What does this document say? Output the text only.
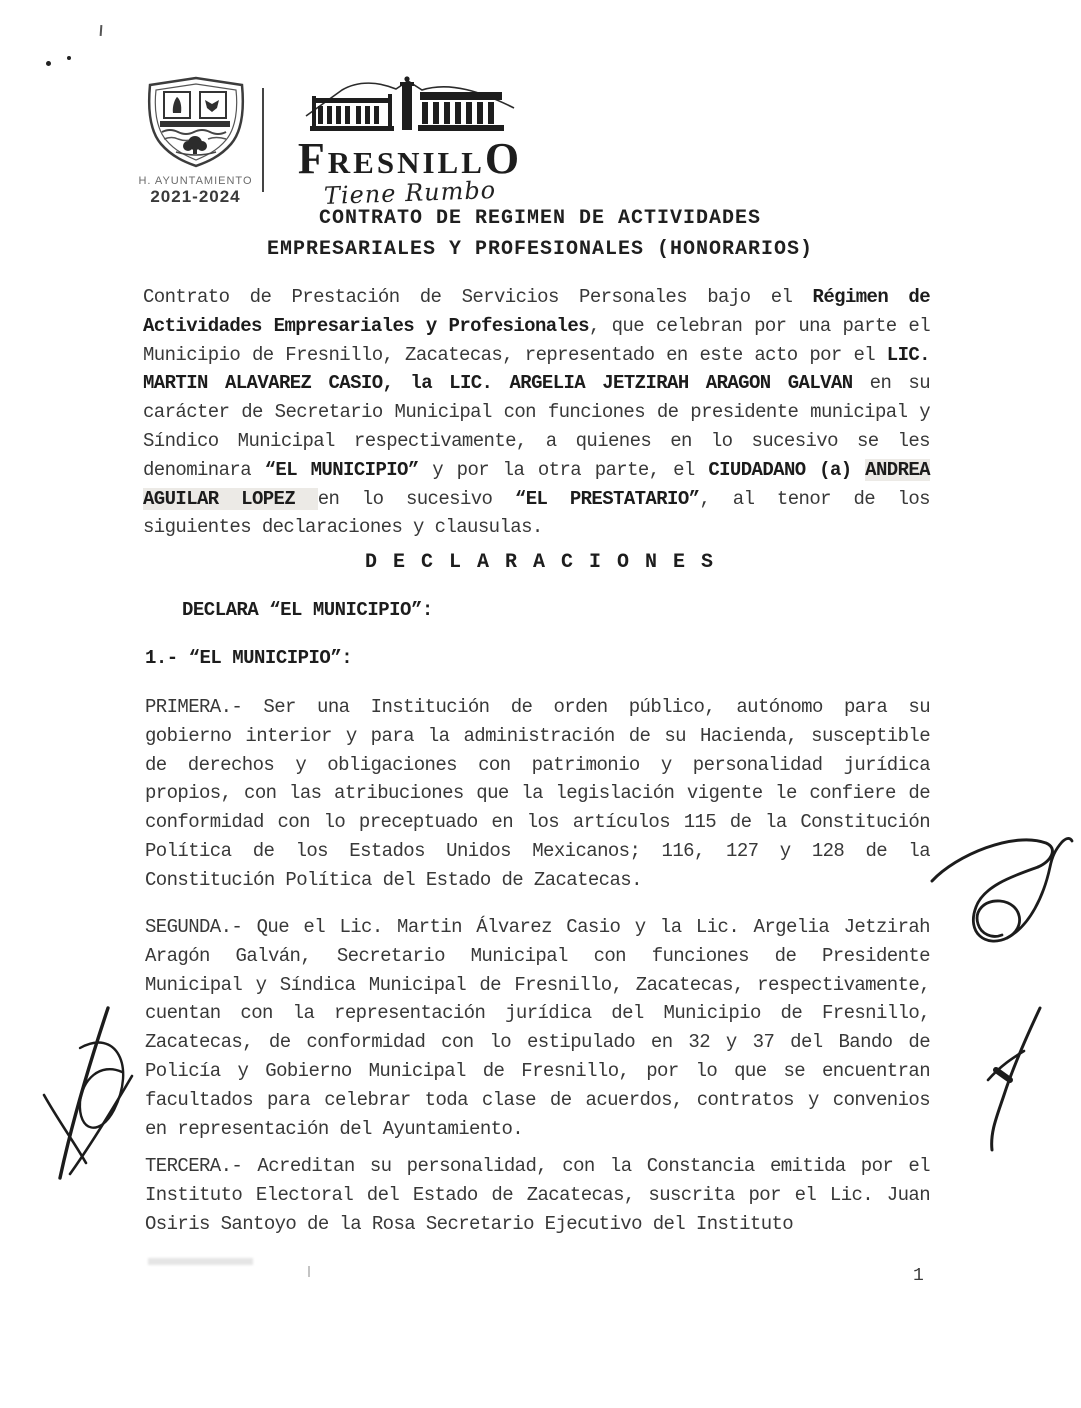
H. AYUNTAMIENTO
2021-2024
FRESNILLO
Tiene Rumbo
CONTRATO DE REGIMEN DE ACTIVIDADES
EMPRESARIALES Y PROFESIONALES (HONORARIOS)
Contrato de Prestación de Servicios Personales bajo el Régimen de Actividades Empresariales y Profesionales, que celebran por una parte el Municipio de Fresnillo, Zacatecas, representado en este acto por el LIC. MARTIN ALAVAREZ CASIO, la LIC. ARGELIA JETZIRAH ARAGON GALVAN en su carácter de Secretario Municipal con funciones de presidente municipal y Síndico Municipal respectivamente, a quienes en lo sucesivo se les denominara “EL MUNICIPIO” y por la otra parte, el CIUDADANO (a) ANDREA AGUILAR LOPEZ en lo sucesivo “EL PRESTATARIO”, al tenor de los siguientes declaraciones y clausulas.
D E C L A R A C I O N E S
DECLARA “EL MUNICIPIO”:
1.- “EL MUNICIPIO”:
PRIMERA.- Ser una Institución de orden público, autónomo para su gobierno interior y para la administración de su Hacienda, susceptible de derechos y obligaciones con patrimonio y personalidad jurídica propios, con las atribuciones que la legislación vigente le confiere de conformidad con lo preceptuado en los artículos 115 de la Constitución Política de los Estados Unidos Mexicanos; 116, 127 y 128 de la Constitución Política del Estado de Zacatecas.
SEGUNDA.- Que el Lic. Martin Álvarez Casio y la Lic. Argelia Jetzirah Aragón Galván, Secretario Municipal con funciones de Presidente Municipal y Síndica Municipal de Fresnillo, Zacatecas, respectivamente, cuentan con la representación jurídica del Municipio de Fresnillo, Zacatecas, de conformidad con lo estipulado en 32 y 37 del Bando de Policía y Gobierno Municipal de Fresnillo, por lo que se encuentran facultados para celebrar toda clase de acuerdos, contratos y convenios en representación del Ayuntamiento.
TERCERA.- Acreditan su personalidad, con la Constancia emitida por el Instituto Electoral del Estado de Zacatecas, suscrita por el Lic. Juan Osiris Santoyo de la Rosa Secretario Ejecutivo del Instituto
1
